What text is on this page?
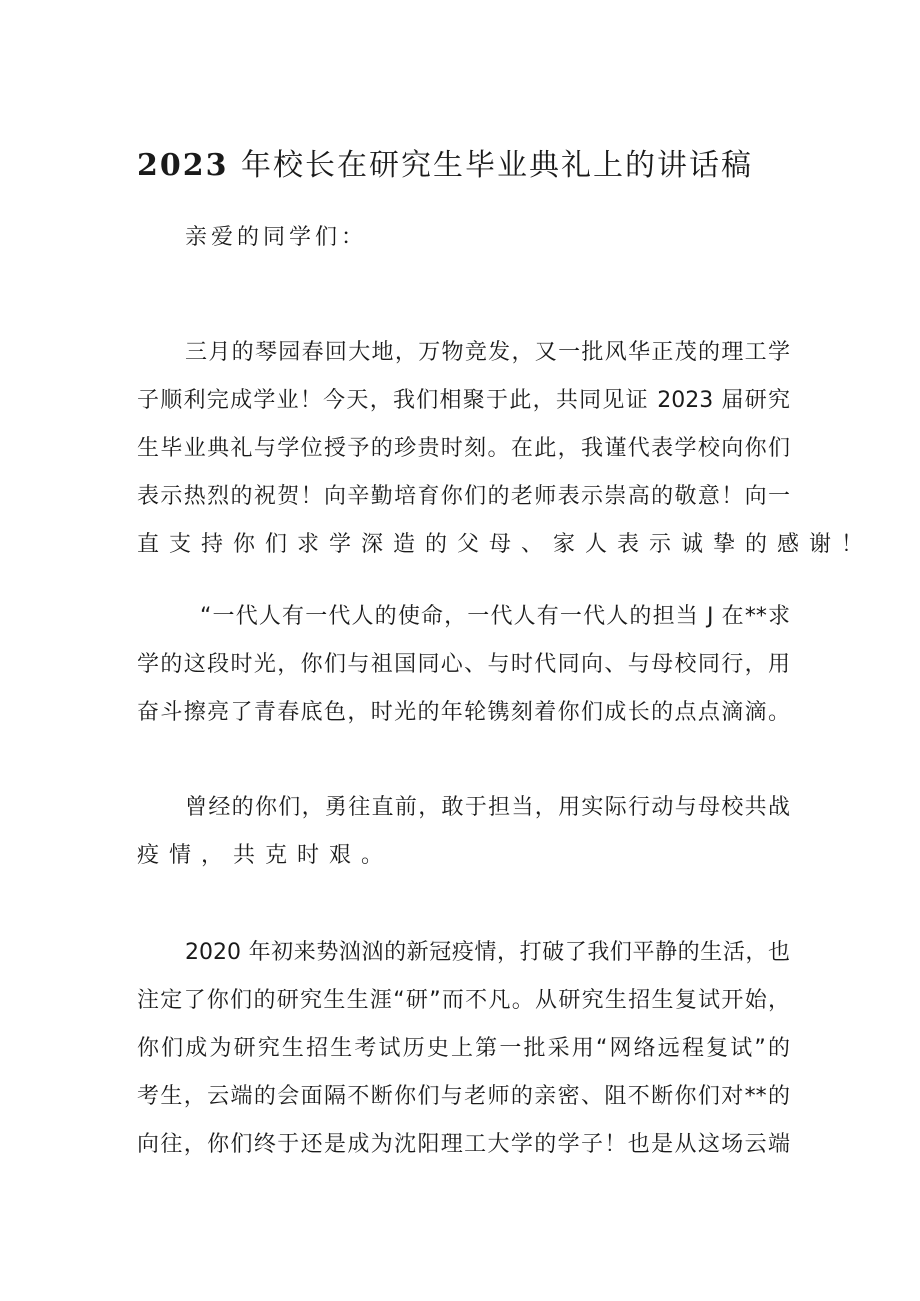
2023 年校长在研究生毕业典礼上的讲话稿
亲爱的同学们：
三月的琴园春回大地，万物竞发，又一批风华正茂的理工学
子顺利完成学业！今天，我们相聚于此，共同见证 2023 届研究
生毕业典礼与学位授予的珍贵时刻。在此，我谨代表学校向你们
表示热烈的祝贺！向辛勤培育你们的老师表示崇高的敬意！向一
直支持你们求学深造的父母、家人表示诚挚的感谢！
“一代人有一代人的使命，一代人有一代人的担当 J 在**求
学的这段时光，你们与祖国同心、与时代同向、与母校同行，用
奋斗擦亮了青春底色，时光的年轮镌刻着你们成长的点点滴滴。
曾经的你们，勇往直前，敢于担当，用实际行动与母校共战
疫情，共克时艰。
2020 年初来势汹汹的新冠疫情，打破了我们平静的生活，也
注定了你们的研究生生涯“研”而不凡。从研究生招生复试开始，
你们成为研究生招生考试历史上第一批采用“网络远程复试”的
考生，云端的会面隔不断你们与老师的亲密、阻不断你们对**的
向往，你们终于还是成为沈阳理工大学的学子！也是从这场云端
